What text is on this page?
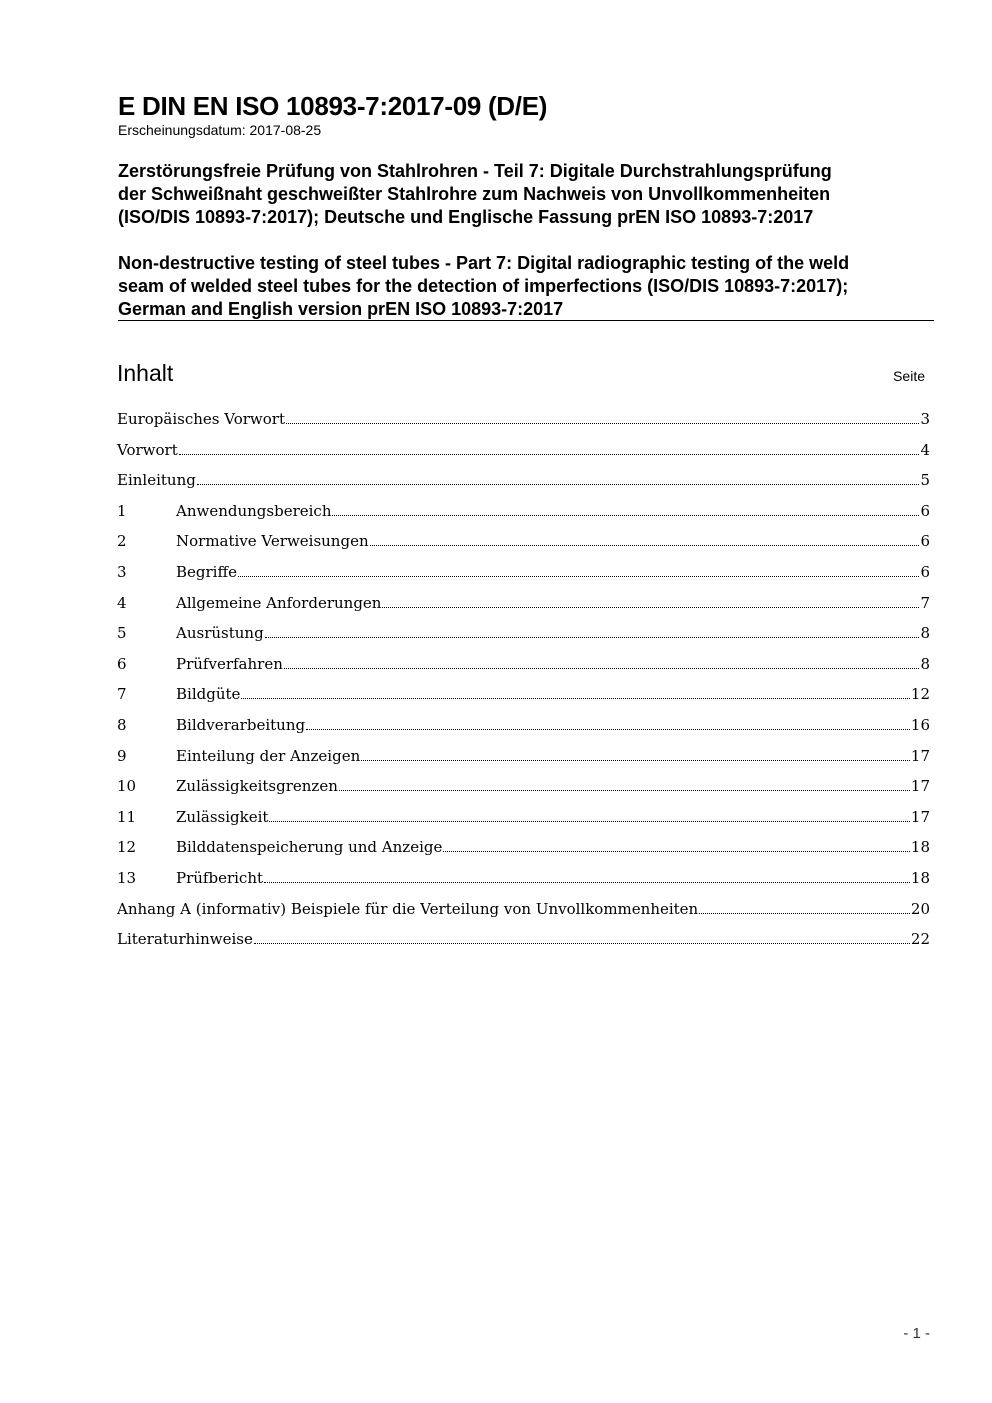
E DIN EN ISO 10893-7:2017-09 (D/E)
Erscheinungsdatum: 2017-08-25
Zerstörungsfreie Prüfung von Stahlrohren - Teil 7: Digitale Durchstrahlungsprüfung
der Schweißnaht geschweißter Stahlrohre zum Nachweis von Unvollkommenheiten
(ISO/DIS 10893-7:2017); Deutsche und Englische Fassung prEN ISO 10893-7:2017
Non-destructive testing of steel tubes - Part 7: Digital radiographic testing of the weld
seam of welded steel tubes for the detection of imperfections (ISO/DIS 10893-7:2017);
German and English version prEN ISO 10893-7:2017
Inhalt	Seite
Europäisches Vorwort	3
Vorwort	4
Einleitung	5
1	Anwendungsbereich	6
2	Normative Verweisungen	6
3	Begriffe	6
4	Allgemeine Anforderungen	7
5	Ausrüstung	8
6	Prüfverfahren	8
7	Bildgüte	12
8	Bildverarbeitung	16
9	Einteilung der Anzeigen	17
10	Zulässigkeitsgrenzen	17
11	Zulässigkeit	17
12	Bilddatenspeicherung und Anzeige	18
13	Prüfbericht	18
Anhang A (informativ) Beispiele für die Verteilung von Unvollkommenheiten	20
Literaturhinweise	22
- 1 -
